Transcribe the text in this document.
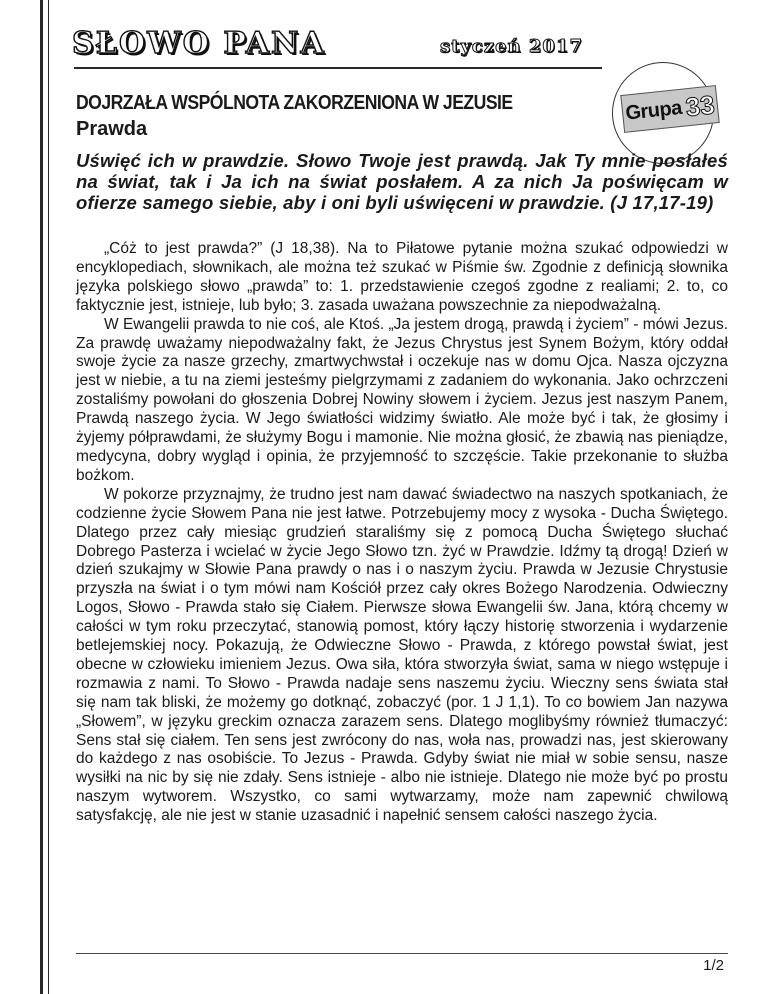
SŁOWO PANA	styczeń 2017
Grupa 33
DOJRZAŁA WSPÓLNOTA ZAKORZENIONA W JEZUSIE
Prawda
Uświęć ich w prawdzie. Słowo Twoje jest prawdą. Jak Ty mnie posłałeś na świat, tak i Ja ich na świat posłałem. A za nich Ja poświęcam w ofierze samego siebie, aby i oni byli uświęceni w prawdzie. (J 17,17-19)

„Cóż to jest prawda?” (J 18,38). Na to Piłatowe pytanie można szukać odpowiedzi w encyklopediach, słownikach, ale można też szukać w Piśmie św. Zgodnie z definicją słownika języka polskiego słowo „prawda” to: 1. przedstawienie czegoś zgodne z realiami; 2. to, co faktycznie jest, istnieje, lub było; 3. zasada uważana powszechnie za niepodważalną.

W Ewangelii prawda to nie coś, ale Ktoś. „Ja jestem drogą, prawdą i życiem” - mówi Jezus. Za prawdę uważamy niepodważalny fakt, że Jezus Chrystus jest Synem Bożym, który oddał swoje życie za nasze grzechy, zmartwychwstał i oczekuje nas w domu Ojca. Nasza ojczyzna jest w niebie, a tu na ziemi jesteśmy pielgrzymami z zadaniem do wykonania. Jako ochrzczeni zostaliśmy powołani do głoszenia Dobrej Nowiny słowem i życiem. Jezus jest naszym Panem, Prawdą naszego życia. W Jego światłości widzimy światło. Ale może być i tak, że głosimy i żyjemy półprawdami, że służymy Bogu i mamonie. Nie można głosić, że zbawią nas pieniądze, medycyna, dobry wygląd i opinia, że przyjemność to szczęście. Takie przekonanie to służba bożkom.

W pokorze przyznajmy, że trudno jest nam dawać świadectwo na naszych spotkaniach, że codzienne życie Słowem Pana nie jest łatwe. Potrzebujemy mocy z wysoka - Ducha Świętego. Dlatego przez cały miesiąc grudzień staraliśmy się z pomocą Ducha Świętego słuchać Dobrego Pasterza i wcielać w życie Jego Słowo tzn. żyć w Prawdzie. Idźmy tą drogą! Dzień w dzień szukajmy w Słowie Pana prawdy o nas i o naszym życiu. Prawda w Jezusie Chrystusie przyszła na świat i o tym mówi nam Kościół przez cały okres Bożego Narodzenia. Odwieczny Logos, Słowo - Prawda stało się Ciałem. Pierwsze słowa Ewangelii św. Jana, którą chcemy w całości w tym roku przeczytać, stanowią pomost, który łączy historię stworzenia i wydarzenie betlejemskiej nocy. Pokazują, że Odwieczne Słowo - Prawda, z którego powstał świat, jest obecne w człowieku imieniem Jezus. Owa siła, która stworzyła świat, sama w niego wstępuje i rozmawia z nami. To Słowo - Prawda nadaje sens naszemu życiu. Wieczny sens świata stał się nam tak bliski, że możemy go dotknąć, zobaczyć (por. 1 J 1,1). To co bowiem Jan nazywa „Słowem”, w języku greckim oznacza zarazem sens. Dlatego moglibyśmy również tłumaczyć: Sens stał się ciałem. Ten sens jest zwrócony do nas, woła nas, prowadzi nas, jest skierowany do każdego z nas osobiście. To Jezus - Prawda. Gdyby świat nie miał w sobie sensu, nasze wysiłki na nic by się nie zdały. Sens istnieje - albo nie istnieje. Dlatego nie może być po prostu naszym wytworem. Wszystko, co sami wytwarzamy, może nam zapewnić chwilową satysfakcję, ale nie jest w stanie uzasadnić i napełnić sensem całości naszego życia.

1/2
